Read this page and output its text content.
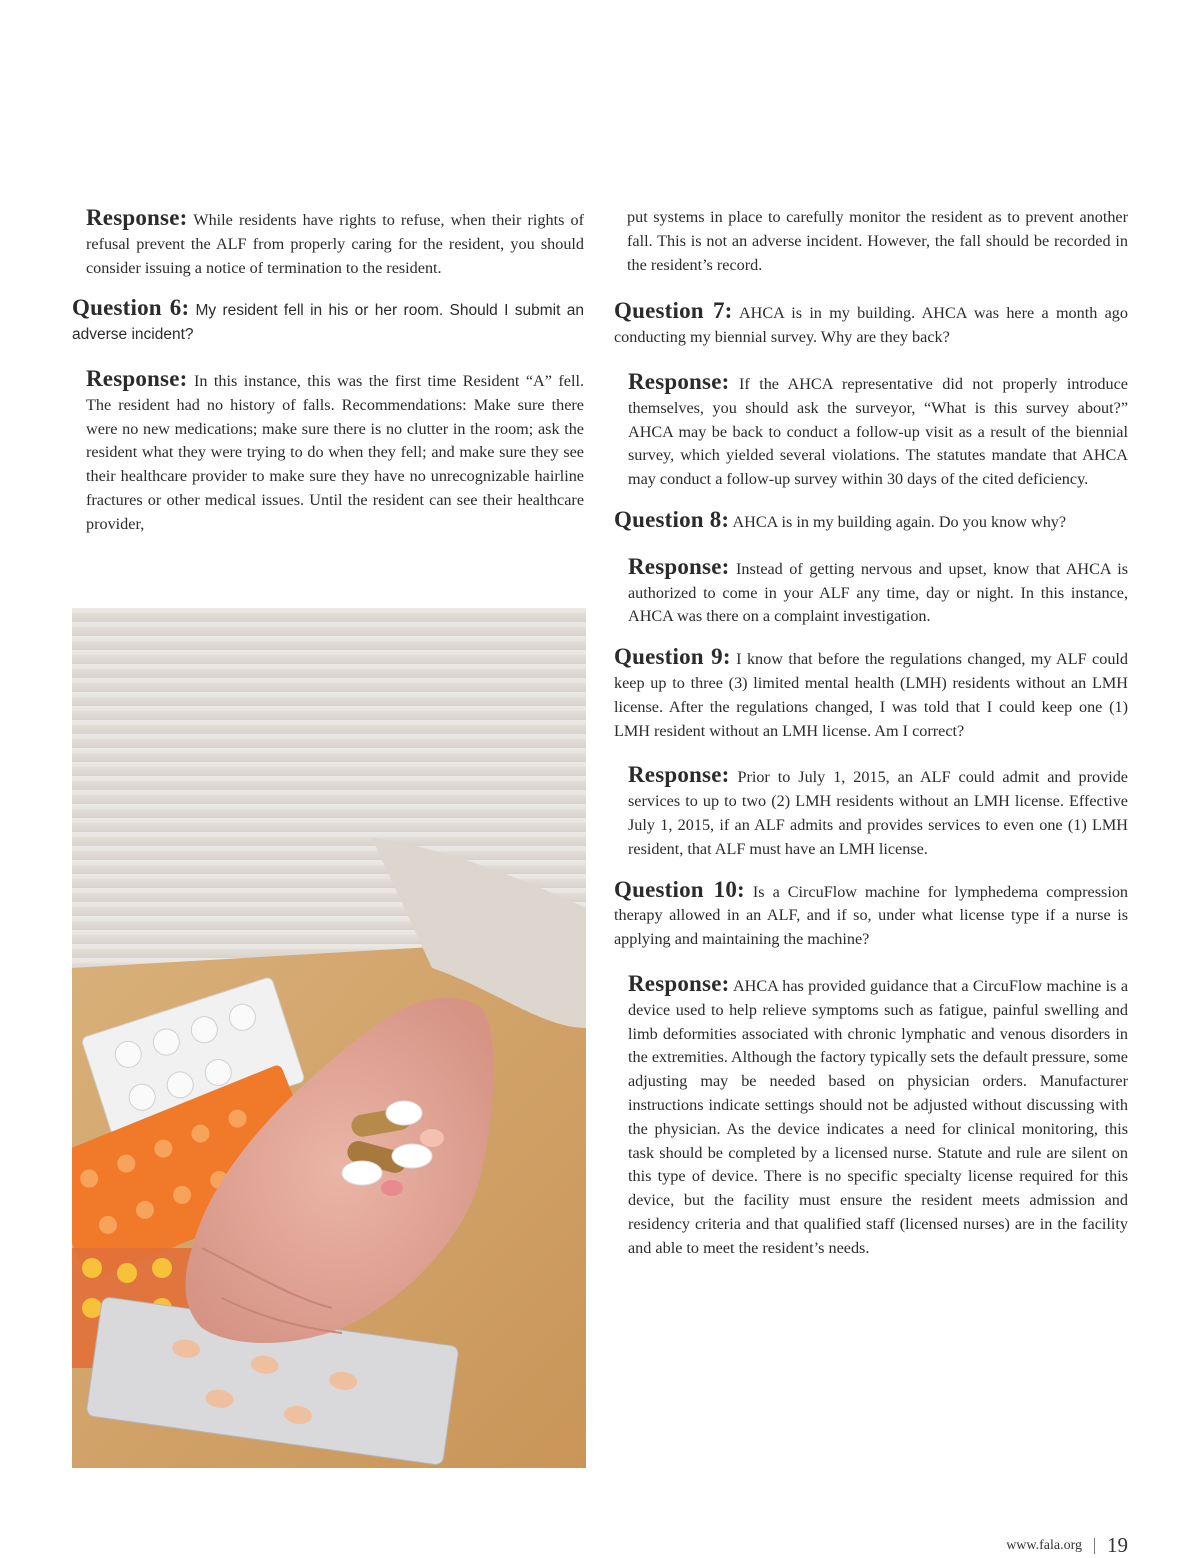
Response: While residents have rights to refuse, when their rights of refusal prevent the ALF from properly caring for the resident, you should consider issuing a notice of termination to the resident.

Question 6: My resident fell in his or her room. Should I submit an adverse incident?

Response: In this instance, this was the first time Resident “A” fell. The resident had no history of falls. Recommendations: Make sure there were no new medications; make sure there is no clutter in the room; ask the resident what they were trying to do when they fell; and make sure they see their healthcare provider to make sure they have no unrecognizable hairline fractures or other medical issues. Until the resident can see their healthcare provider,

put systems in place to carefully monitor the resident as to prevent another fall. This is not an adverse incident. However, the fall should be recorded in the resident’s record.

Question 7: AHCA is in my building. AHCA was here a month ago conducting my biennial survey. Why are they back?

Response: If the AHCA representative did not properly introduce themselves, you should ask the surveyor, “What is this survey about?” AHCA may be back to conduct a follow-up visit as a result of the biennial survey, which yielded several violations. The statutes mandate that AHCA may conduct a follow-up survey within 30 days of the cited deficiency.

Question 8: AHCA is in my building again. Do you know why?

Response: Instead of getting nervous and upset, know that AHCA is authorized to come in your ALF any time, day or night. In this instance, AHCA was there on a complaint investigation.

Question 9: I know that before the regulations changed, my ALF could keep up to three (3) limited mental health (LMH) residents without an LMH license. After the regulations changed, I was told that I could keep one (1) LMH resident without an LMH license. Am I correct?

Response: Prior to July 1, 2015, an ALF could admit and provide services to up to two (2) LMH residents without an LMH license. Effective July 1, 2015, if an ALF admits and provides services to even one (1) LMH resident, that ALF must have an LMH license.

Question 10: Is a CircuFlow machine for lymphedema compression therapy allowed in an ALF, and if so, under what license type if a nurse is applying and maintaining the machine?

Response: AHCA has provided guidance that a CircuFlow machine is a device used to help relieve symptoms such as fatigue, painful swelling and limb deformities associated with chronic lymphatic and venous disorders in the extremities. Although the factory typically sets the default pressure, some adjusting may be needed based on physician orders. Manufacturer instructions indicate settings should not be adjusted without discussing with the physician. As the device indicates a need for clinical monitoring, this task should be completed by a licensed nurse. Statute and rule are silent on this type of device. There is no specific specialty license required for this device, but the facility must ensure the resident meets admission and residency criteria and that qualified staff (licensed nurses) are in the facility and able to meet the resident’s needs.

www.fala.org 19
